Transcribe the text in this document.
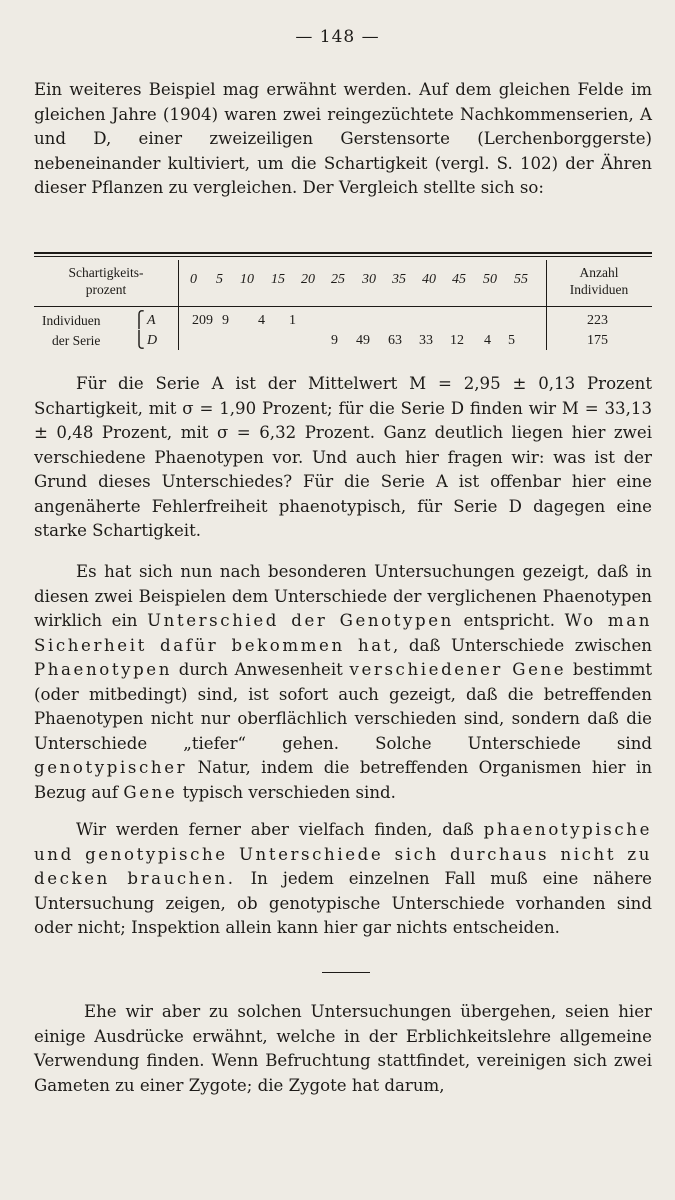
— 148 —

Ein weiteres Beispiel mag erwähnt werden. Auf dem gleichen Felde im gleichen Jahre (1904) waren zwei reingezüchtete Nachkommenserien, A und D, einer zweizeiligen Gerstensorte (Lerchenborggerste) nebeneinander kultiviert, um die Schartigkeit (vergl. S. 102) der Ähren dieser Pflanzen zu vergleichen. Der Vergleich stellte sich so:

Schartigkeits-
prozent
Anzahl
Individuen
0 5 10 15 20 25 30 35 40 45 50 55
Individuen
der Serie
⎧
⎩
A
D
209 9 4 1
9 49 63 33 12 4 5
223
175

Für die Serie A ist der Mittelwert M = 2,95 ± 0,13 Prozent Schartigkeit, mit σ = 1,90 Prozent; für die Serie D finden wir M = 33,13 ± 0,48 Prozent, mit σ = 6,32 Prozent. Ganz deutlich liegen hier zwei verschiedene Phaenotypen vor. Und auch hier fragen wir: was ist der Grund dieses Unterschiedes? Für die Serie A ist offenbar hier eine angenäherte Fehlerfreiheit phaenotypisch, für Serie D dagegen eine starke Schartigkeit.

Es hat sich nun nach besonderen Untersuchungen gezeigt, daß in diesen zwei Beispielen dem Unterschiede der verglichenen Phaenotypen wirklich ein Unterschied der Genotypen entspricht. Wo man Sicherheit dafür bekommen hat, daß Unterschiede zwischen Phaenotypen durch Anwesenheit verschiedener Gene bestimmt (oder mitbedingt) sind, ist sofort auch gezeigt, daß die betreffenden Phaenotypen nicht nur oberflächlich verschieden sind, sondern daß die Unterschiede „tiefer“ gehen. Solche Unterschiede sind genotypischer Natur, indem die betreffenden Organismen hier in Bezug auf Gene typisch verschieden sind.

Wir werden ferner aber vielfach finden, daß phaenotypische und genotypische Unterschiede sich durchaus nicht zu decken brauchen. In jedem einzelnen Fall muß eine nähere Untersuchung zeigen, ob genotypische Unterschiede vorhanden sind oder nicht; Inspektion allein kann hier gar nichts entscheiden.

Ehe wir aber zu solchen Untersuchungen übergehen, seien hier einige Ausdrücke erwähnt, welche in der Erblichkeitslehre allgemeine Verwendung finden. Wenn Befruchtung stattfindet, vereinigen sich zwei Gameten zu einer Zygote; die Zygote hat darum,
